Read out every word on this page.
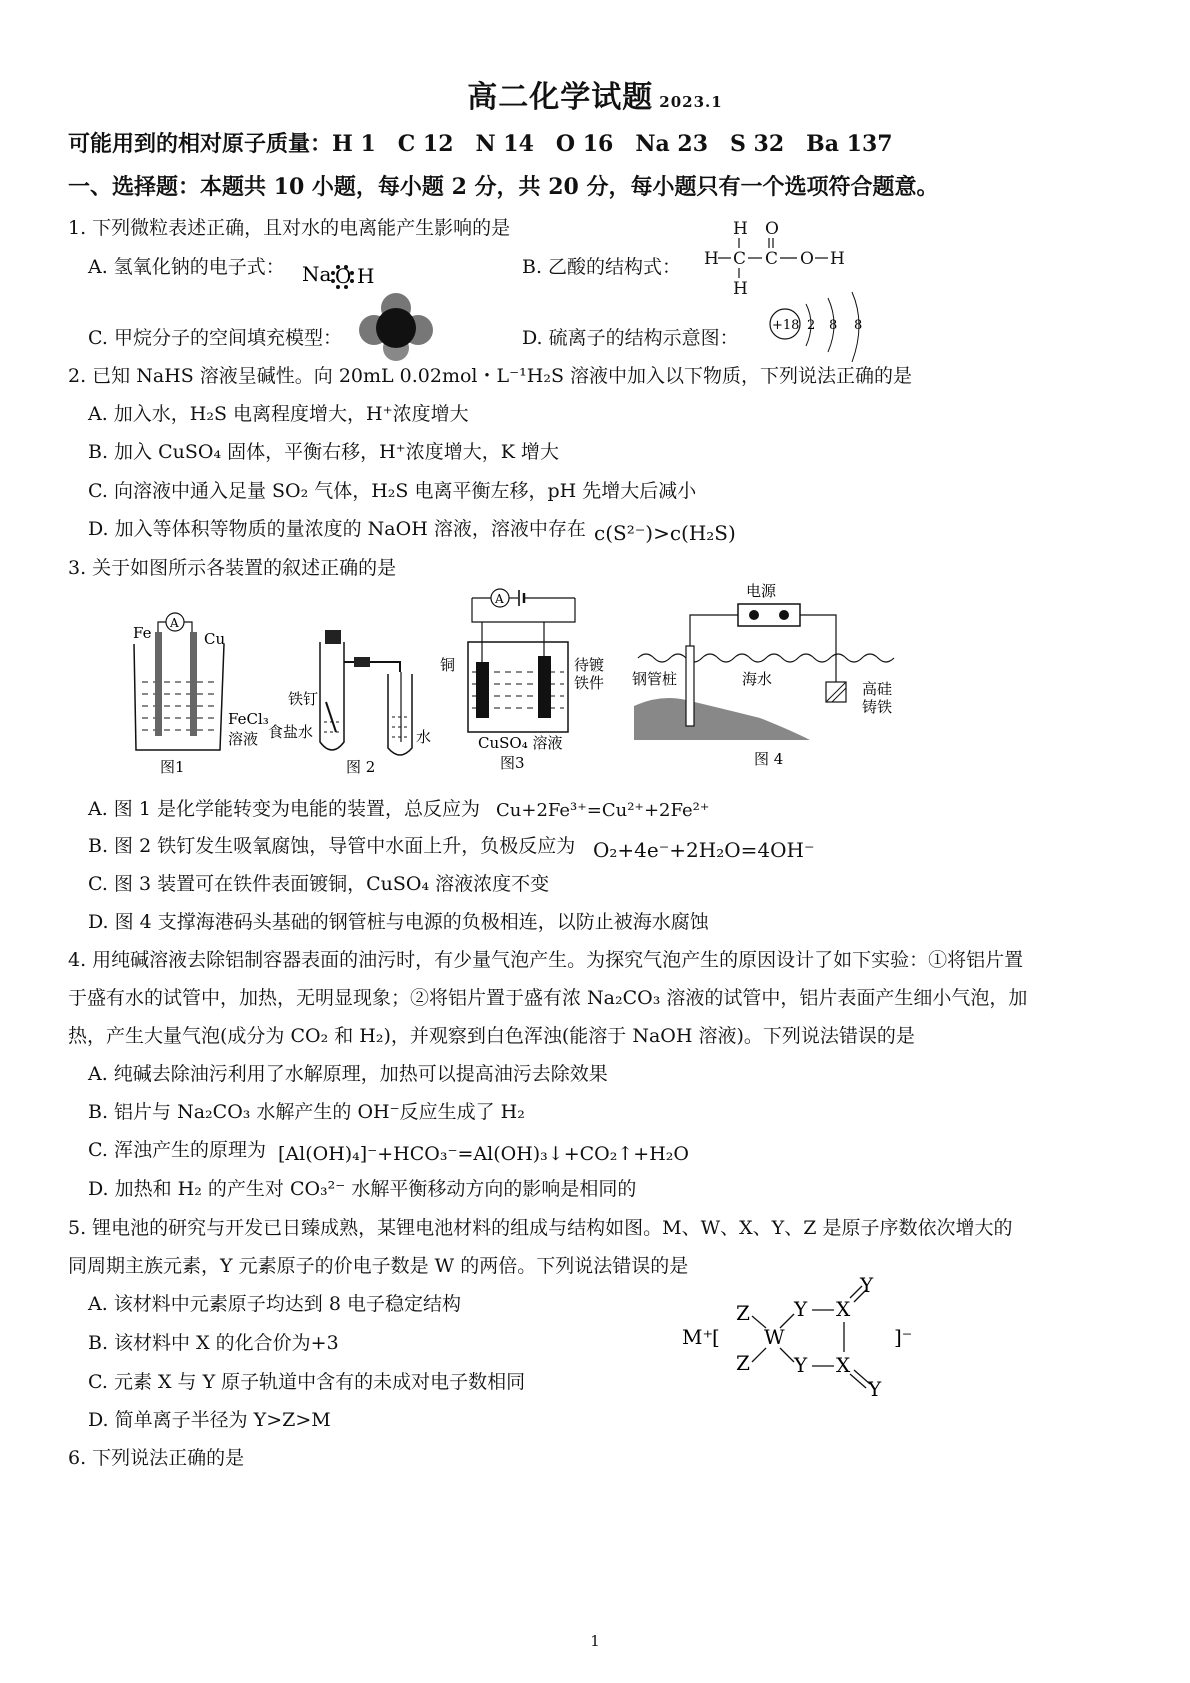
高二化学试题 2023.1
可能用到的相对原子质量：H 1　C 12　N 14　O 16　Na 23　S 32　Ba 137
一、选择题：本题共 10 小题，每小题 2 分，共 20 分，每小题只有一个选项符合题意。
1. 下列微粒表述正确，且对水的电离能产生影响的是
A. 氢氧化钠的电子式： Na O H	B. 乙酸的结构式：
H O
H C C O H
H
C. 甲烷分子的空间填充模型：	D. 硫离子的结构示意图：
+18 2 8 8
2. 已知 NaHS 溶液呈碱性。向 20mL 0.02mol・L⁻¹H₂S 溶液中加入以下物质，下列说法正确的是
A. 加入水，H₂S 电离程度增大，H⁺浓度增大
B. 加入 CuSO₄ 固体，平衡右移，H⁺浓度增大，K 增大
C. 向溶液中通入足量 SO₂ 气体，H₂S 电离平衡左移，pH 先增大后减小
D. 加入等体积等物质的量浓度的 NaOH 溶液，溶液中存在 c(S²⁻)>c(H₂S)
3. 关于如图所示各装置的叙述正确的是
A
Fe	Cu
FeCl₃
溶液
图1
铁钉
食盐水	水
图 2
A
铜	待镀
铁件
CuSO₄ 溶液
图3
电源
钢管桩	海水
高硅
铸铁
图 4
A. 图 1 是化学能转变为电能的装置，总反应为 Cu+2Fe³⁺=Cu²⁺+2Fe²⁺
B. 图 2 铁钉发生吸氧腐蚀，导管中水面上升，负极反应为 O₂+4e⁻+2H₂O=4OH⁻
C. 图 3 装置可在铁件表面镀铜，CuSO₄ 溶液浓度不变
D. 图 4 支撑海港码头基础的钢管桩与电源的负极相连，以防止被海水腐蚀
4. 用纯碱溶液去除铝制容器表面的油污时，有少量气泡产生。为探究气泡产生的原因设计了如下实验：①将铝片置
于盛有水的试管中，加热，无明显现象；②将铝片置于盛有浓 Na₂CO₃ 溶液的试管中，铝片表面产生细小气泡，加
热，产生大量气泡(成分为 CO₂ 和 H₂)，并观察到白色浑浊(能溶于 NaOH 溶液)。下列说法错误的是
A. 纯碱去除油污利用了水解原理，加热可以提高油污去除效果
B. 铝片与 Na₂CO₃ 水解产生的 OH⁻反应生成了 H₂
C. 浑浊产生的原理为 [Al(OH)₄]⁻+HCO₃⁻=Al(OH)₃↓+CO₂↑+H₂O
D. 加热和 H₂ 的产生对 CO₃²⁻ 水解平衡移动方向的影响是相同的
5. 锂电池的研究与开发已日臻成熟，某锂电池材料的组成与结构如图。M、W、X、Y、Z 是原子序数依次增大的
同周期主族元素，Y 元素原子的价电子数是 W 的两倍。下列说法错误的是
A. 该材料中元素原子均达到 8 电子稳定结构
B. 该材料中 X 的化合价为+3
C. 元素 X 与 Y 原子轨道中含有的未成对电子数相同
D. 简单离子半径为 Y>Z>M
M⁺
[
Z
Z
W
Y
Y
X
X
Y
Y
]⁻
6. 下列说法正确的是
1
